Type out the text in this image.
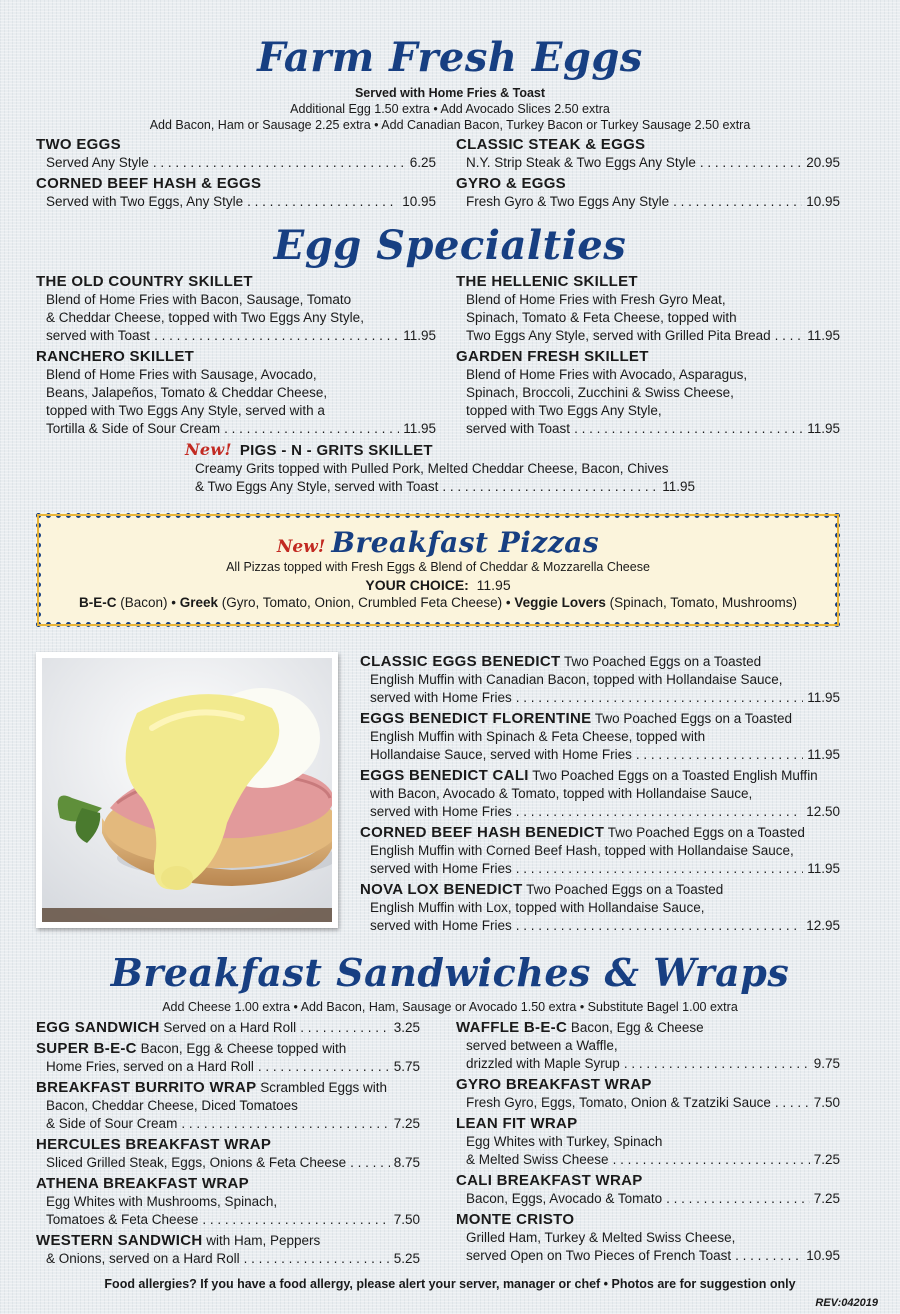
Farm Fresh Eggs
Served with Home Fries & Toast
Additional Egg 1.50 extra • Add Avocado Slices 2.50 extra
Add Bacon, Ham or Sausage 2.25 extra • Add Canadian Bacon, Turkey Bacon or Turkey Sausage 2.50 extra
TWO EGGS
Served Any Style . . .	6.25
CORNED BEEF HASH & EGGS
Served with Two Eggs, Any Style . . .	10.95
CLASSIC STEAK & EGGS
N.Y. Strip Steak & Two Eggs Any Style . . .	20.95
GYRO & EGGS
Fresh Gyro & Two Eggs Any Style . . .	10.95
Egg Specialties
THE OLD COUNTRY SKILLET
Blend of Home Fries with Bacon, Sausage, Tomato
& Cheddar Cheese, topped with Two Eggs Any Style,
served with Toast . . .	11.95
RANCHERO SKILLET
Blend of Home Fries with Sausage, Avocado,
Beans, Jalapeños, Tomato & Cheddar Cheese,
topped with Two Eggs Any Style, served with a
Tortilla & Side of Sour Cream . . .	11.95
THE HELLENIC SKILLET
Blend of Home Fries with Fresh Gyro Meat,
Spinach, Tomato & Feta Cheese, topped with
Two Eggs Any Style, served with Grilled Pita Bread . . .	11.95
GARDEN FRESH SKILLET
Blend of Home Fries with Avocado, Asparagus,
Spinach, Broccoli, Zucchini & Swiss Cheese,
topped with Two Eggs Any Style,
served with Toast . . .	11.95
New! PIGS - N - GRITS SKILLET
Creamy Grits topped with Pulled Pork, Melted Cheddar Cheese, Bacon, Chives
& Two Eggs Any Style, served with Toast . . .	11.95
New! Breakfast Pizzas
All Pizzas topped with Fresh Eggs & Blend of Cheddar & Mozzarella Cheese
YOUR CHOICE: 11.95
B-E-C (Bacon) • Greek (Gyro, Tomato, Onion, Crumbled Feta Cheese) • Veggie Lovers (Spinach, Tomato, Mushrooms)
CLASSIC EGGS BENEDICT Two Poached Eggs on a Toasted
English Muffin with Canadian Bacon, topped with Hollandaise Sauce,
served with Home Fries . . .	11.95
EGGS BENEDICT FLORENTINE Two Poached Eggs on a Toasted
English Muffin with Spinach & Feta Cheese, topped with
Hollandaise Sauce, served with Home Fries . . .	11.95
EGGS BENEDICT CALI Two Poached Eggs on a Toasted English Muffin
with Bacon, Avocado & Tomato, topped with Hollandaise Sauce,
served with Home Fries . . .	12.50
CORNED BEEF HASH BENEDICT Two Poached Eggs on a Toasted
English Muffin with Corned Beef Hash, topped with Hollandaise Sauce,
served with Home Fries . . .	11.95
NOVA LOX BENEDICT Two Poached Eggs on a Toasted
English Muffin with Lox, topped with Hollandaise Sauce,
served with Home Fries . . .	12.95
Breakfast Sandwiches & Wraps
Add Cheese 1.00 extra • Add Bacon, Ham, Sausage or Avocado 1.50 extra • Substitute Bagel 1.00 extra
EGG SANDWICH Served on a Hard Roll . . .	3.25
SUPER B-E-C Bacon, Egg & Cheese topped with
Home Fries, served on a Hard Roll . . .	5.75
BREAKFAST BURRITO WRAP Scrambled Eggs with
Bacon, Cheddar Cheese, Diced Tomatoes
& Side of Sour Cream . . .	7.25
HERCULES BREAKFAST WRAP
Sliced Grilled Steak, Eggs, Onions & Feta Cheese . . .	8.75
ATHENA BREAKFAST WRAP
Egg Whites with Mushrooms, Spinach,
Tomatoes & Feta Cheese . . .	7.50
WESTERN SANDWICH with Ham, Peppers
& Onions, served on a Hard Roll . . .	5.25
WAFFLE B-E-C Bacon, Egg & Cheese
served between a Waffle,
drizzled with Maple Syrup . . .	9.75
GYRO BREAKFAST WRAP
Fresh Gyro, Eggs, Tomato, Onion & Tzatziki Sauce . . .	7.50
LEAN FIT WRAP
Egg Whites with Turkey, Spinach
& Melted Swiss Cheese . . .	7.25
CALI BREAKFAST WRAP
Bacon, Eggs, Avocado & Tomato . . .	7.25
MONTE CRISTO
Grilled Ham, Turkey & Melted Swiss Cheese,
served Open on Two Pieces of French Toast . . .	10.95
Food allergies? If you have a food allergy, please alert your server, manager or chef • Photos are for suggestion only
REV:042019
